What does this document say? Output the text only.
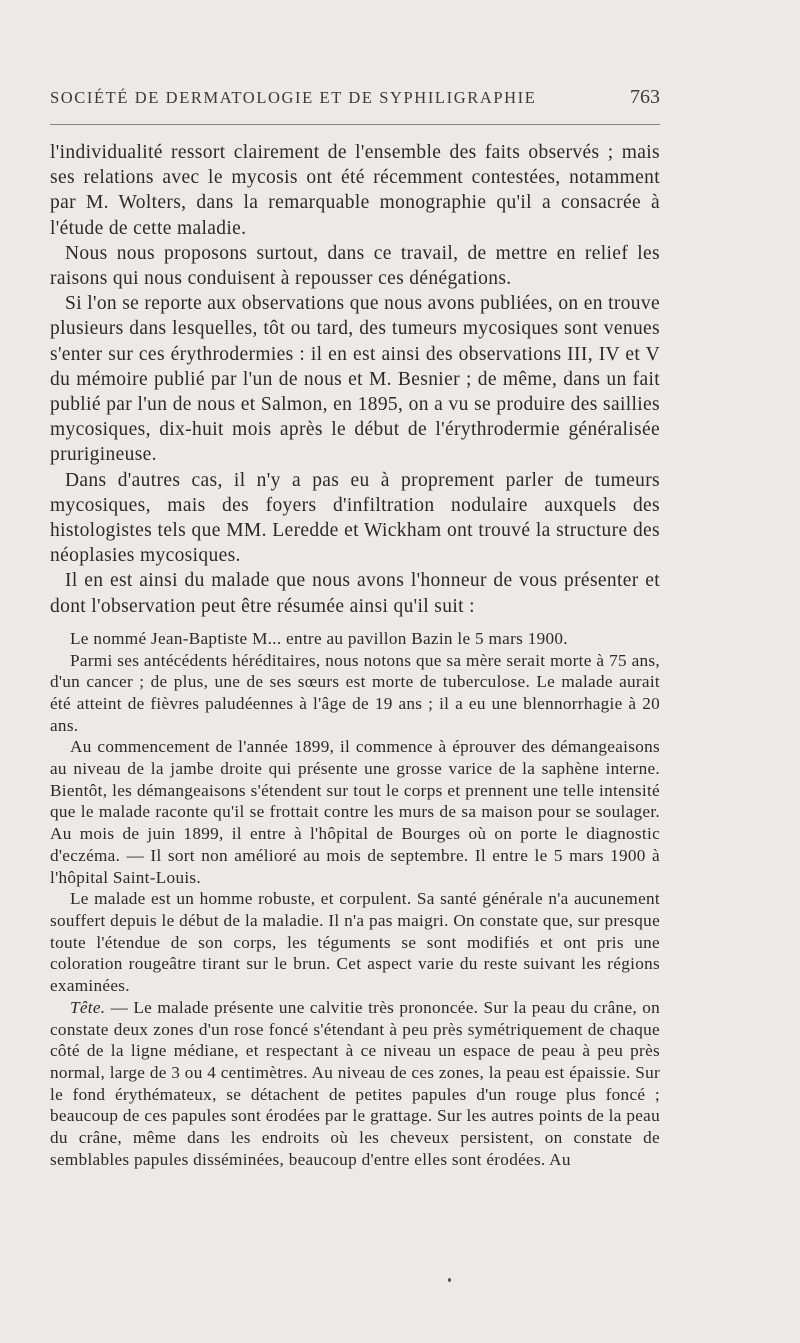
SOCIÉTÉ DE DERMATOLOGIE ET DE SYPHILIGRAPHIE	763

l'individualité ressort clairement de l'ensemble des faits observés ; mais ses relations avec le mycosis ont été récemment contestées, notamment par M. Wolters, dans la remarquable monographie qu'il a consacrée à l'étude de cette maladie.

Nous nous proposons surtout, dans ce travail, de mettre en relief les raisons qui nous conduisent à repousser ces dénégations.

Si l'on se reporte aux observations que nous avons publiées, on en trouve plusieurs dans lesquelles, tôt ou tard, des tumeurs mycosiques sont venues s'enter sur ces érythrodermies : il en est ainsi des observations III, IV et V du mémoire publié par l'un de nous et M. Besnier ; de même, dans un fait publié par l'un de nous et Salmon, en 1895, on a vu se produire des saillies mycosiques, dix-huit mois après le début de l'érythrodermie généralisée prurigineuse.

Dans d'autres cas, il n'y a pas eu à proprement parler de tumeurs mycosiques, mais des foyers d'infiltration nodulaire auxquels des histologistes tels que MM. Leredde et Wickham ont trouvé la structure des néoplasies mycosiques.

Il en est ainsi du malade que nous avons l'honneur de vous présenter et dont l'observation peut être résumée ainsi qu'il suit :

Le nommé Jean-Baptiste M... entre au pavillon Bazin le 5 mars 1900.

Parmi ses antécédents héréditaires, nous notons que sa mère serait morte à 75 ans, d'un cancer ; de plus, une de ses sœurs est morte de tuberculose. Le malade aurait été atteint de fièvres paludéennes à l'âge de 19 ans ; il a eu une blennorrhagie à 20 ans.

Au commencement de l'année 1899, il commence à éprouver des démangeaisons au niveau de la jambe droite qui présente une grosse varice de la saphène interne. Bientôt, les démangeaisons s'étendent sur tout le corps et prennent une telle intensité que le malade raconte qu'il se frottait contre les murs de sa maison pour se soulager. Au mois de juin 1899, il entre à l'hôpital de Bourges où on porte le diagnostic d'eczéma. — Il sort non amélioré au mois de septembre. Il entre le 5 mars 1900 à l'hôpital Saint-Louis.

Le malade est un homme robuste, et corpulent. Sa santé générale n'a aucunement souffert depuis le début de la maladie. Il n'a pas maigri. On constate que, sur presque toute l'étendue de son corps, les téguments se sont modifiés et ont pris une coloration rougeâtre tirant sur le brun. Cet aspect varie du reste suivant les régions examinées.

Tête. — Le malade présente une calvitie très prononcée. Sur la peau du crâne, on constate deux zones d'un rose foncé s'étendant à peu près symétriquement de chaque côté de la ligne médiane, et respectant à ce niveau un espace de peau à peu près normal, large de 3 ou 4 centimètres. Au niveau de ces zones, la peau est épaissie. Sur le fond érythémateux, se détachent de petites papules d'un rouge plus foncé ; beaucoup de ces papules sont érodées par le grattage. Sur les autres points de la peau du crâne, même dans les endroits où les cheveux persistent, on constate de semblables papules disséminées, beaucoup d'entre elles sont érodées. Au
